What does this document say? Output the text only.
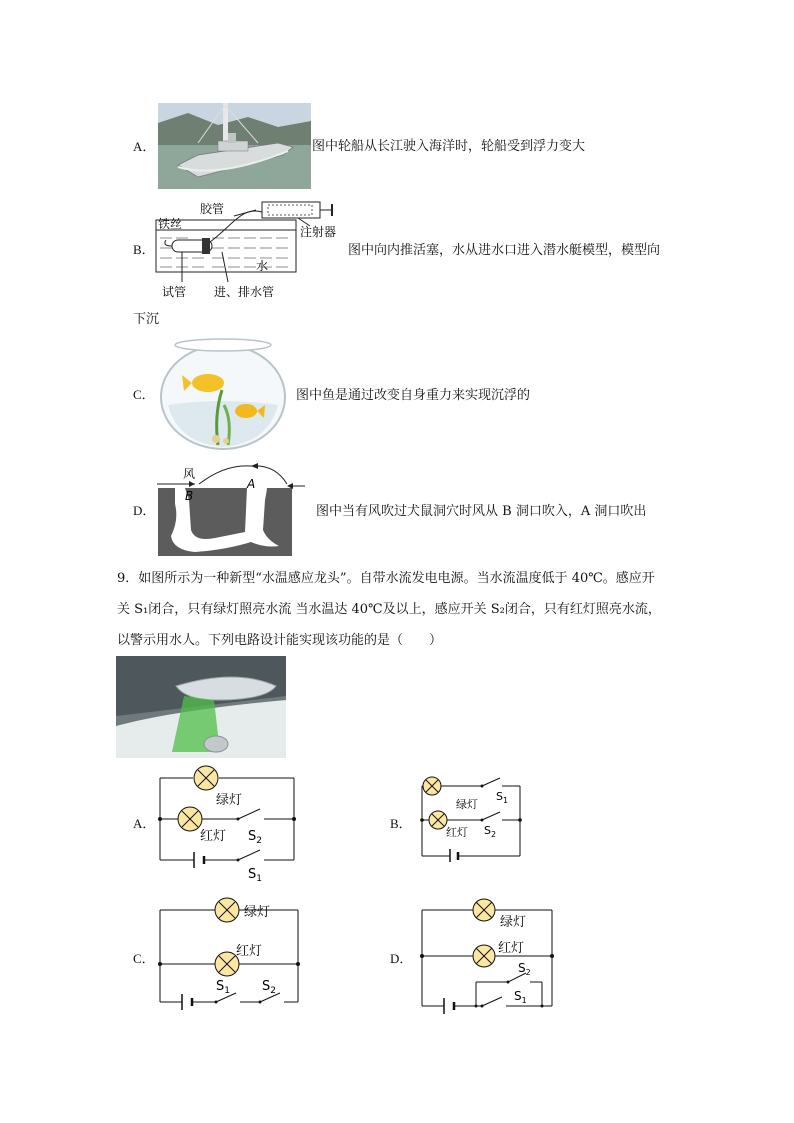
A．	图中轮船从长江驶入海洋时，轮船受到浮力变大
B．
胶管
注射器
铁丝
水
试管 进、排水管
图中向内推活塞，水从进水口进入潜水艇模型，模型向
下沉
C．	图中鱼是通过改变自身重力来实现沉浮的
D．
风
B
A
图中当有风吹过犬鼠洞穴时风从 B 洞口吹入，A 洞口吹出
9．如图所示为一种新型“水温感应龙头”。自带水流发电电源。当水流温度低于 40℃。感应开
关 S₁闭合，只有绿灯照亮水流 当水温达 40℃及以上，感应开关 S₂闭合，只有红灯照亮水流，
以警示用水人。下列电路设计能实现该功能的是（　　）
A．
绿灯
红灯 $S_2$
$S_1$
B．
绿灯
红灯
$S_1$
$S_2$
C．
绿灯
红灯
$S_1$ $S_2$
D．
绿灯
红灯
$S_2$
$S_1$
